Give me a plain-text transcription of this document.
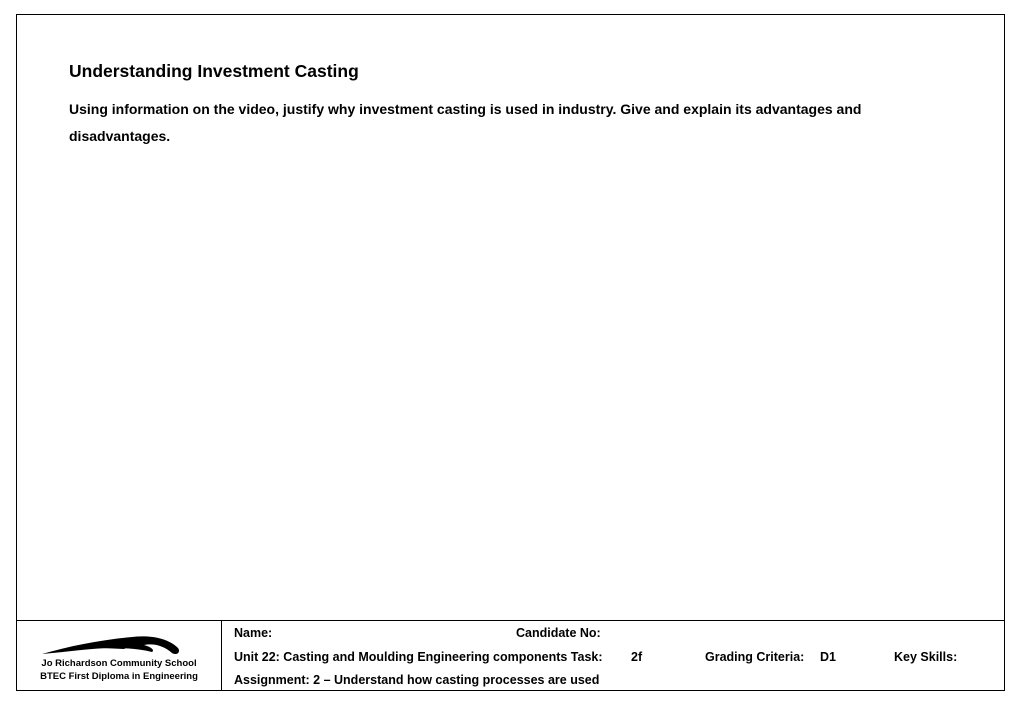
Understanding Investment Casting

Using information on the video, justify why investment casting is used in industry. Give and explain its advantages and disadvantages.

Jo Richardson Community School
BTEC First Diploma in Engineering
Name:	Candidate No:
Unit 22: Casting and Moulding Engineering components Task: 2f	Grading Criteria: D1	Key Skills:
Assignment: 2 – Understand how casting processes are used
